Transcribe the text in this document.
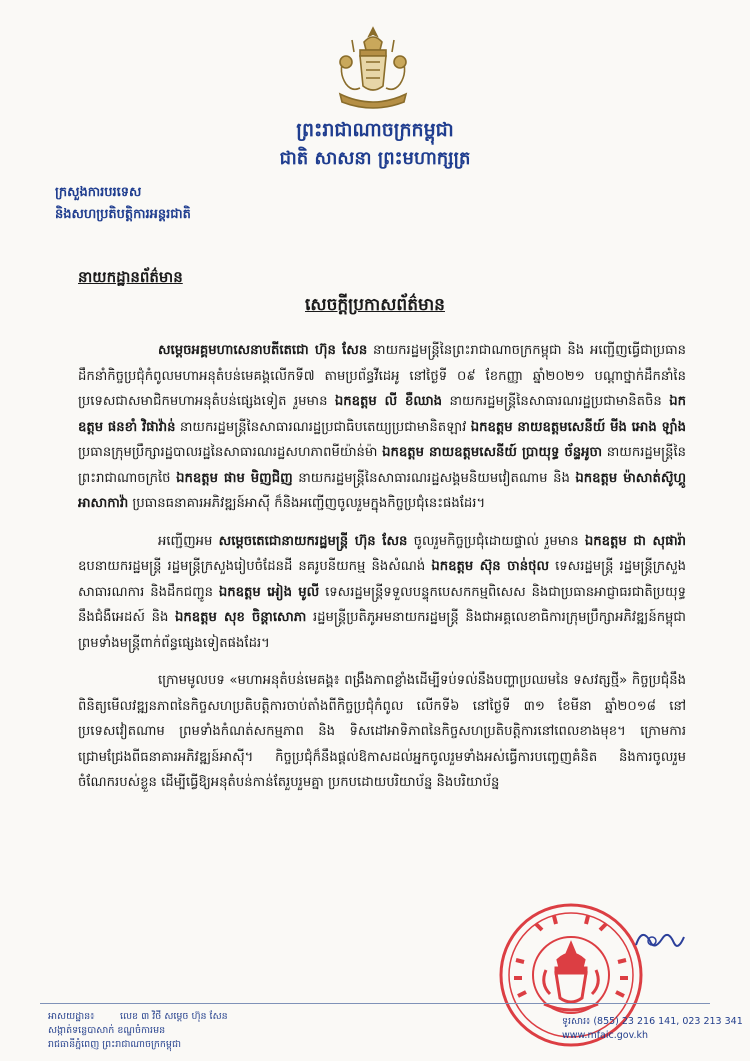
ព្រះរាជាណាចក្រកម្ពុជា
ជាតិ សាសនា ព្រះមហាក្សត្រ
ក្រសួងការបរទេស
និងសហប្រតិបត្តិការអន្តរជាតិ
នាយកដ្ឋានព័ត៌មាន
សេចក្តីប្រកាសព័ត៌មាន

សម្តេចអគ្គមហាសេនាបតីតេជោ ហ៊ុន សែន នាយករដ្ឋមន្ត្រីនៃព្រះរាជាណាចក្រកម្ពុជា និង អញ្ជើញធ្វើជាប្រធានដឹកនាំកិច្ចប្រជុំកំពូលមហាអនុតំបន់មេគង្គលើកទី៧ តាមប្រព័ន្ធវីដេអូ នៅថ្ងៃទី ០៩ ខែកញ្ញា ឆ្នាំ២០២១ បណ្តាថ្នាក់ដឹកនាំនៃប្រទេសជាសមាជិកមហាអនុតំបន់ផ្សេងទៀត រួមមាន ឯកឧត្តម លី ខឺឈាង នាយករដ្ឋមន្ត្រីនៃសាធារណរដ្ឋប្រជាមានិតចិន ឯកឧត្តម ផនខាំ វិផាវ៉ាន់ នាយករដ្ឋមន្ត្រីនៃសាធារណរដ្ឋប្រជាធិបតេយ្យប្រជាមានិតឡាវ ឯកឧត្តម នាយឧត្តមសេនីយ៍ មីង អោង ឡាំង ប្រធានក្រុមប្រឹក្សារដ្ឋបាលរដ្ឋនៃសាធារណរដ្ឋសហភាពមីយ៉ាន់ម៉ា ឯកឧត្តម នាយឧត្តមសេនីយ៍ ប្រាយុទ្ធ ច័ន្ទអូចា នាយករដ្ឋមន្ត្រីនៃព្រះរាជាណាចក្រថៃ ឯកឧត្តម ផាម មិញជិញ នាយករដ្ឋមន្ត្រីនៃសាធារណរដ្ឋសង្គមនិយមវៀតណាម និង ឯកឧត្តម ម៉ាសាត់ស៊ូហ្គូ អាសាកាវ៉ា ប្រធានធនាគារអភិវឌ្ឍន៍អាស៊ី ក៏និងអញ្ជើញចូលរួមក្នុងកិច្ចប្រជុំនេះផងដែរ។

អញ្ជើញអម សម្តេចតេជោនាយករដ្ឋមន្ត្រី ហ៊ុន សែន ចូលរួមកិច្ចប្រជុំដោយផ្ទាល់ រួមមាន ឯកឧត្តម ជា សុផារ៉ា ឧបនាយករដ្ឋមន្ត្រី រដ្ឋមន្ត្រីក្រសួងរៀបចំដែនដី នគរូបនីយកម្ម និងសំណង់ ឯកឧត្តម ស៊ុន ចាន់ថុល ទេសរដ្ឋមន្ត្រី រដ្ឋមន្ត្រីក្រសួងសាធារណការ និងដឹកជញ្ជូន ឯកឧត្តម អៀង មូលី ទេសរដ្ឋមន្ត្រីទទួលបន្ទុកបេសកកម្មពិសេស និងជាប្រធានអាជ្ញាធរជាតិប្រយុទ្ធនឹងជំងឺអេដស៍ និង ឯកឧត្តម សុខ ចិន្តាសោភា រដ្ឋមន្ត្រីប្រតិភូអមនាយករដ្ឋមន្ត្រី និងជាអគ្គលេខាធិការក្រុមប្រឹក្សាអភិវឌ្ឍន៍កម្ពុជា ព្រមទាំងមន្ត្រីពាក់ព័ន្ធផ្សេងទៀតផងដែរ។

ក្រោមមូលបទ «មហាអនុតំបន់មេគង្គ៖ ពង្រឹងភាពខ្លាំងដើម្បីទប់ទល់នឹងបញ្ហាប្រឈមនៃ ទសវត្សថ្មី» កិច្ចប្រជុំនឹងពិនិត្យមើលវឌ្ឍនភាពនៃកិច្ចសហប្រតិបត្តិការចាប់តាំងពីកិច្ចប្រជុំកំពូល លើកទី៦ នៅថ្ងៃទី ៣១ ខែមីនា ឆ្នាំ២០១៨ នៅប្រទេសវៀតណាម ព្រមទាំងកំណត់សកម្មភាព និង ទិសដៅអាទិភាពនៃកិច្ចសហប្រតិបត្តិការនៅពេលខាងមុខ។ ក្រោមការជ្រោមជ្រែងពីធនាគារអភិវឌ្ឍន៍អាស៊ី។ កិច្ចប្រជុំក៏នឹងផ្តល់ឱកាសដល់អ្នកចូលរួមទាំងអស់ធ្វើការបញ្ចេញគំនិត និងការចូលរួម ចំណែករបស់ខ្លួន ដើម្បីធ្វើឱ្យអនុតំបន់កាន់តែរួបរួមគ្នា ប្រកបដោយបរិយាប័ន្ន និងបរិយាប័ន្ន

អាសយដ្ឋាន៖	លេខ ៣ វិថី សម្តេច ហ៊ុន សែន
សង្កាត់ទន្លេបាសាក់ ខណ្ឌចំការមន
រាជធានីភ្នំពេញ ព្រះរាជាណាចក្រកម្ពុជា
ទូរសារ៖ (855) 23 216 141, 023 213 341
www.mfaic.gov.kh
